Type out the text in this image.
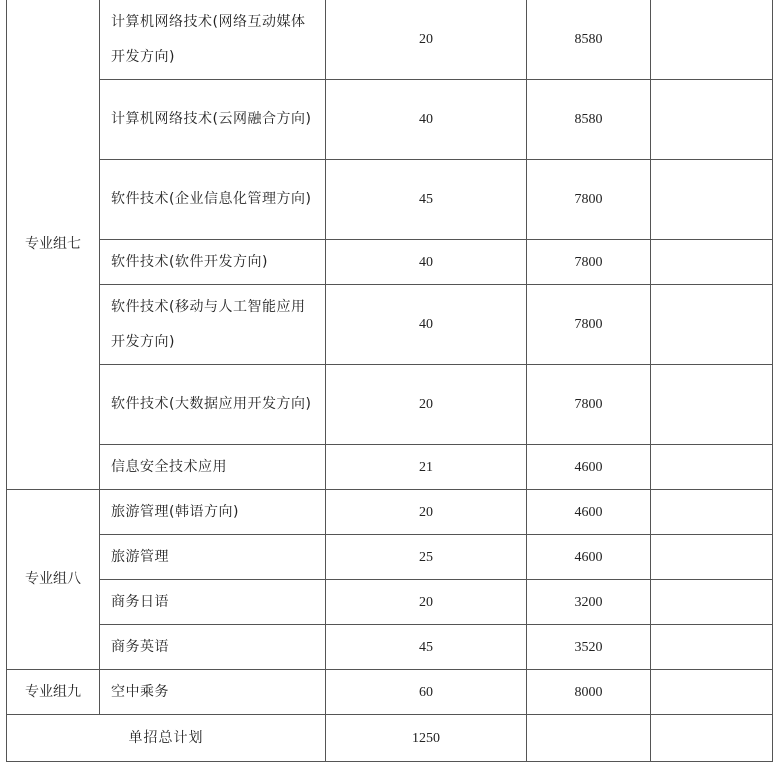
专业组七	计算机网络技术(网络互动媒体开发方向)	20	8580	
	计算机网络技术(云网融合方向)	40	8580	
	软件技术(企业信息化管理方向)	45	7800	
	软件技术(软件开发方向)	40	7800	
	软件技术(移动与人工智能应用开发方向)	40	7800	
	软件技术(大数据应用开发方向)	20	7800	
	信息安全技术应用	21	4600	
专业组八	旅游管理(韩语方向)	20	4600	
	旅游管理	25	4600	
	商务日语	20	3200	
	商务英语	45	3520	
专业组九	空中乘务	60	8000	
单招总计划		1250		
